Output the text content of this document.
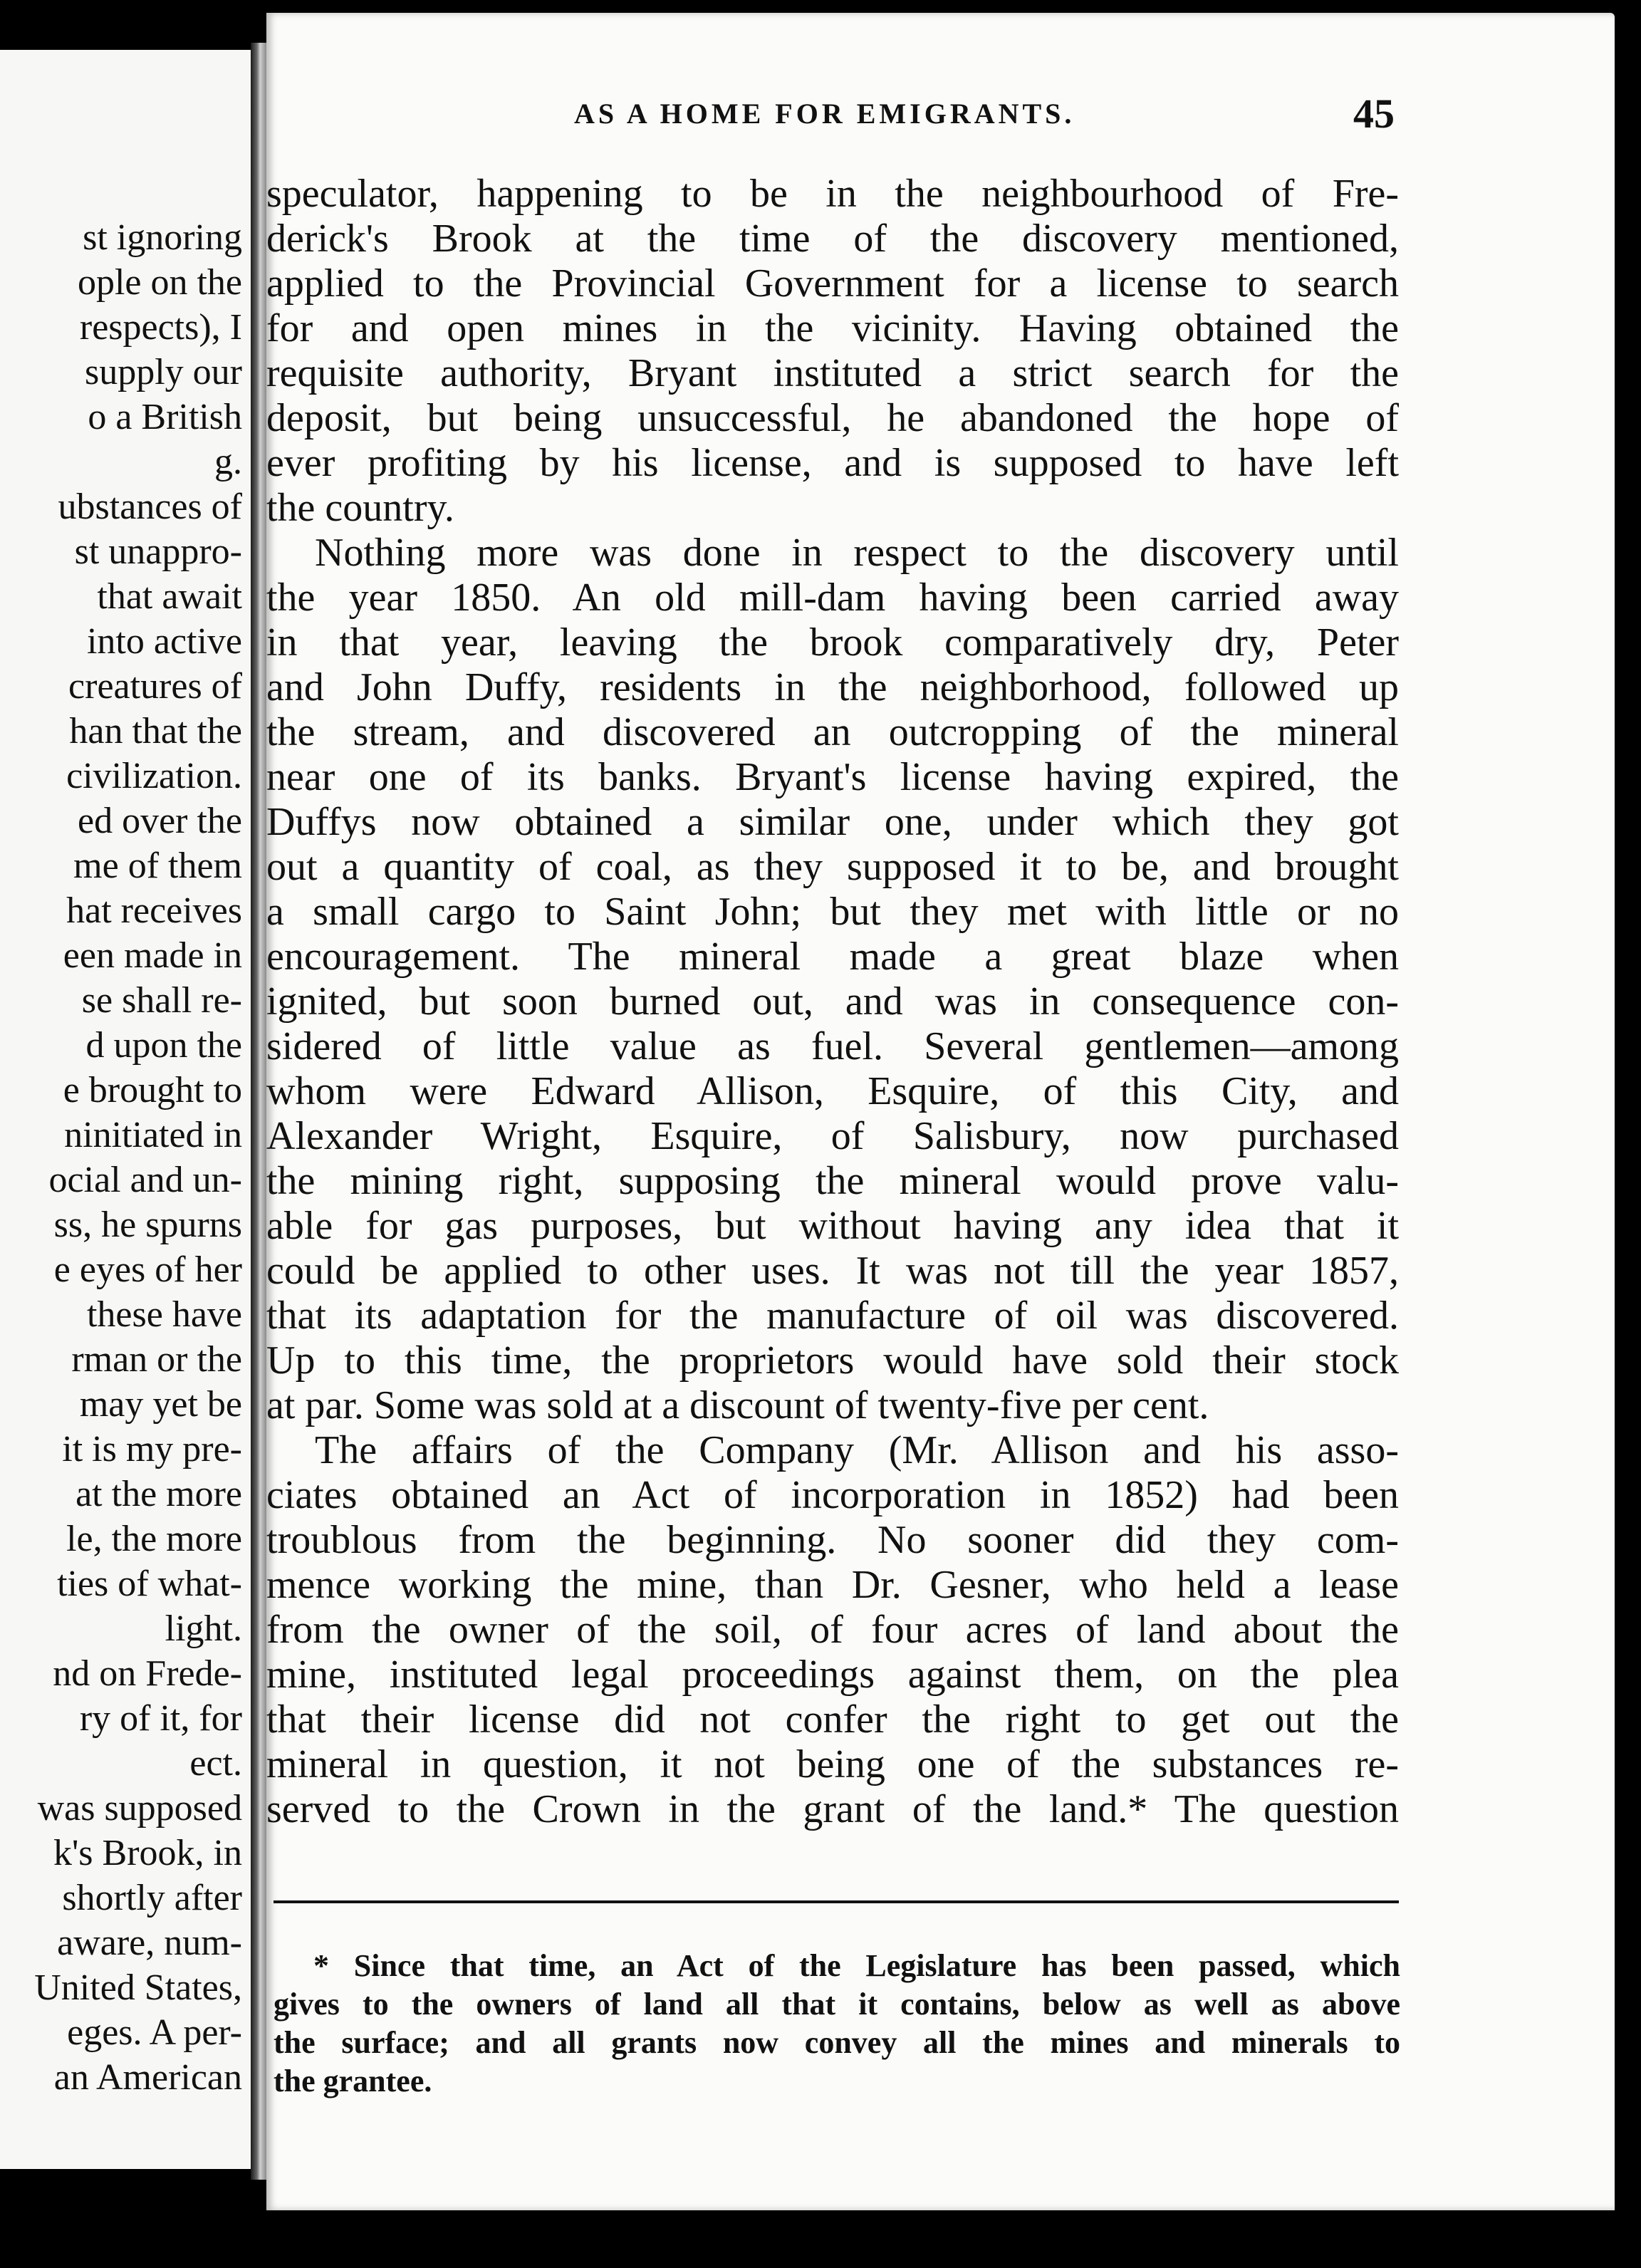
st ignoring
ople on the
respects), I
supply our
o a British
g.
ubstances of
st unappro-
that await
into active
creatures of
han that the
civilization.
ed over the
me of them
hat receives
een made in
se shall re-
d upon the
e brought to
ninitiated in
ocial and un-
ss, he spurns
e eyes of her
these have
rman or the
may yet be
it is my pre-
at the more
le, the more
ties of what-
light.
nd on Frede-
ry of it, for
ect.
was supposed
k's Brook, in
shortly after
aware, num-
United States,
eges. A per-
an American
AS A HOME FOR EMIGRANTS.	45
speculator, happening to be in the neighbourhood of Fre-
derick's Brook at the time of the discovery mentioned,
applied to the Provincial Government for a license to search
for and open mines in the vicinity. Having obtained the
requisite authority, Bryant instituted a strict search for the
deposit, but being unsuccessful, he abandoned the hope of
ever profiting by his license, and is supposed to have left
the country.
Nothing more was done in respect to the discovery until
the year 1850. An old mill-dam having been carried away
in that year, leaving the brook comparatively dry, Peter
and John Duffy, residents in the neighborhood, followed up
the stream, and discovered an outcropping of the mineral
near one of its banks. Bryant's license having expired, the
Duffys now obtained a similar one, under which they got
out a quantity of coal, as they supposed it to be, and brought
a small cargo to Saint John; but they met with little or no
encouragement. The mineral made a great blaze when
ignited, but soon burned out, and was in consequence con-
sidered of little value as fuel. Several gentlemen—among
whom were Edward Allison, Esquire, of this City, and
Alexander Wright, Esquire, of Salisbury, now purchased
the mining right, supposing the mineral would prove valu-
able for gas purposes, but without having any idea that it
could be applied to other uses. It was not till the year 1857,
that its adaptation for the manufacture of oil was discovered.
Up to this time, the proprietors would have sold their stock
at par. Some was sold at a discount of twenty-five per cent.
The affairs of the Company (Mr. Allison and his asso-
ciates obtained an Act of incorporation in 1852) had been
troublous from the beginning. No sooner did they com-
mence working the mine, than Dr. Gesner, who held a lease
from the owner of the soil, of four acres of land about the
mine, instituted legal proceedings against them, on the plea
that their license did not confer the right to get out the
mineral in question, it not being one of the substances re-
served to the Crown in the grant of the land.* The question
* Since that time, an Act of the Legislature has been passed, which
gives to the owners of land all that it contains, below as well as above
the surface; and all grants now convey all the mines and minerals to
the grantee.
